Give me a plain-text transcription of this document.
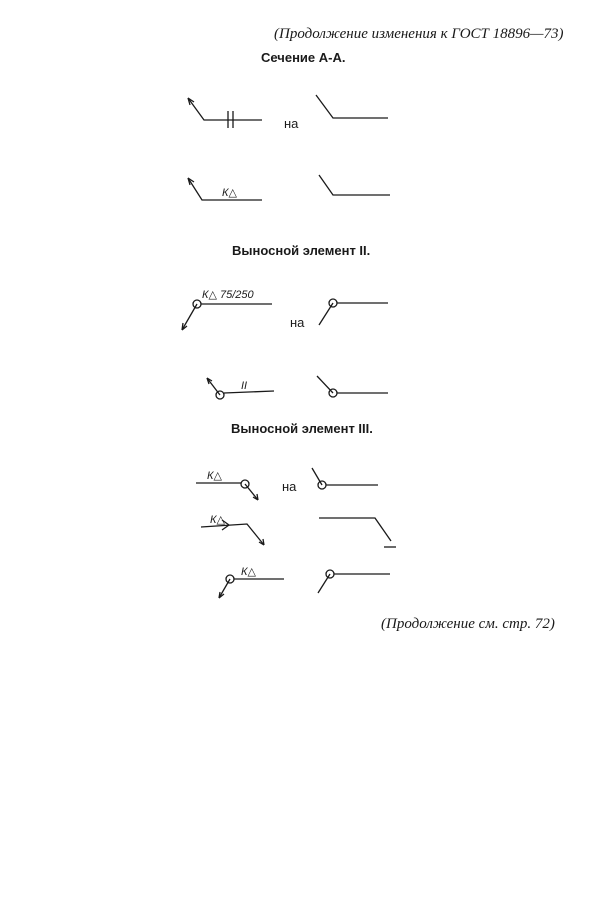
(Продолжение изменения к ГОСТ 18896—73)
Сечение А-А.
на
Выносной элемент II.
на
Выносной элемент III.
на
К△
К△ 75/250
II
К△
К△
К△
(Продолжение см. стр. 72)
